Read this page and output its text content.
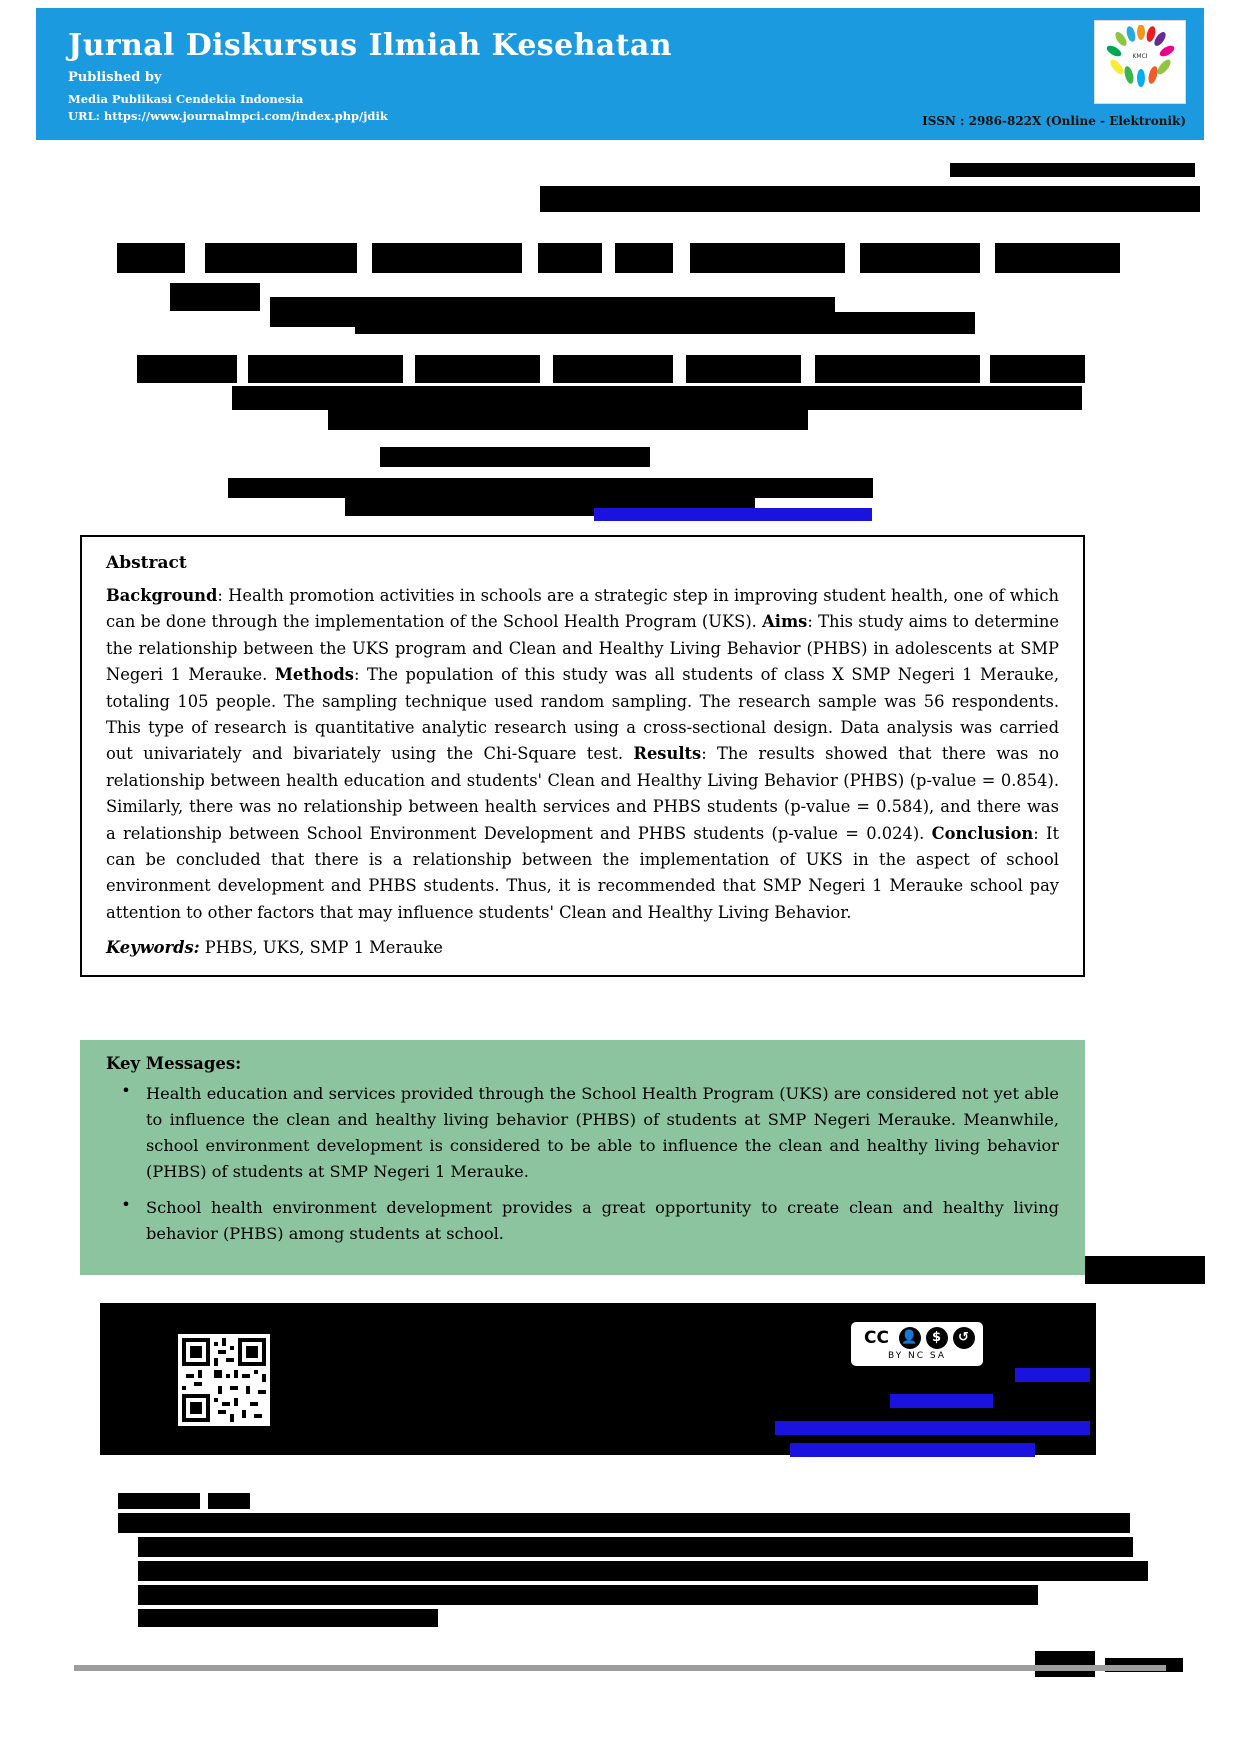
Jurnal Diskursus Ilmiah Kesehatan
Published by
Media Publikasi Cendekia Indonesia
URL: https://www.journalmpci.com/index.php/jdik	ISSN : 2986-822X (Online - Elektronik)
KMCI
Abstract

Background: Health promotion activities in schools are a strategic step in improving student health, one of which can be done through the implementation of the School Health Program (UKS). Aims: This study aims to determine the relationship between the UKS program and Clean and Healthy Living Behavior (PHBS) in adolescents at SMP Negeri 1 Merauke. Methods: The population of this study was all students of class X SMP Negeri 1 Merauke, totaling 105 people. The sampling technique used random sampling. The research sample was 56 respondents. This type of research is quantitative analytic research using a cross-sectional design. Data analysis was carried out univariately and bivariately using the Chi-Square test. Results: The results showed that there was no relationship between health education and students' Clean and Healthy Living Behavior (PHBS) (p-value = 0.854). Similarly, there was no relationship between health services and PHBS students (p-value = 0.584), and there was a relationship between School Environment Development and PHBS students (p-value = 0.024). Conclusion: It can be concluded that there is a relationship between the implementation of UKS in the aspect of school environment development and PHBS students. Thus, it is recommended that SMP Negeri 1 Merauke school pay attention to other factors that may influence students' Clean and Healthy Living Behavior.

Keywords: PHBS, UKS, SMP 1 Merauke

Key Messages:
• Health education and services provided through the School Health Program (UKS) are considered not yet able to influence the clean and healthy living behavior (PHBS) of students at SMP Negeri Merauke. Meanwhile, school environment development is considered to be able to influence the clean and healthy living behavior (PHBS) of students at SMP Negeri 1 Merauke.
• School health environment development provides a great opportunity to create clean and healthy living behavior (PHBS) among students at school.
CC 👤	$	↺
BY NC SA
